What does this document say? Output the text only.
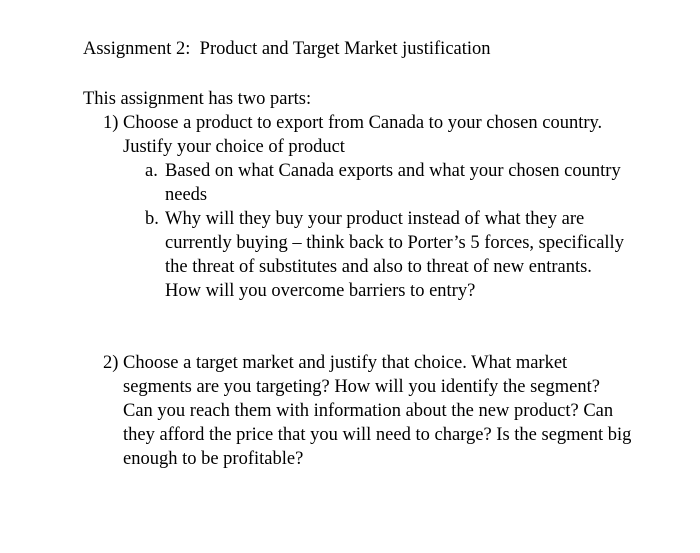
Assignment 2:  Product and Target Market justification
This assignment has two parts:
1) Choose a product to export from Canada to your chosen country. Justify your choice of product
a. Based on what Canada exports and what your chosen country needs
b. Why will they buy your product instead of what they are currently buying – think back to Porter’s 5 forces, specifically the threat of substitutes and also to threat of new entrants. How will you overcome barriers to entry?
2) Choose a target market and justify that choice. What market segments are you targeting? How will you identify the segment? Can you reach them with information about the new product? Can they afford the price that you will need to charge? Is the segment big enough to be profitable?
